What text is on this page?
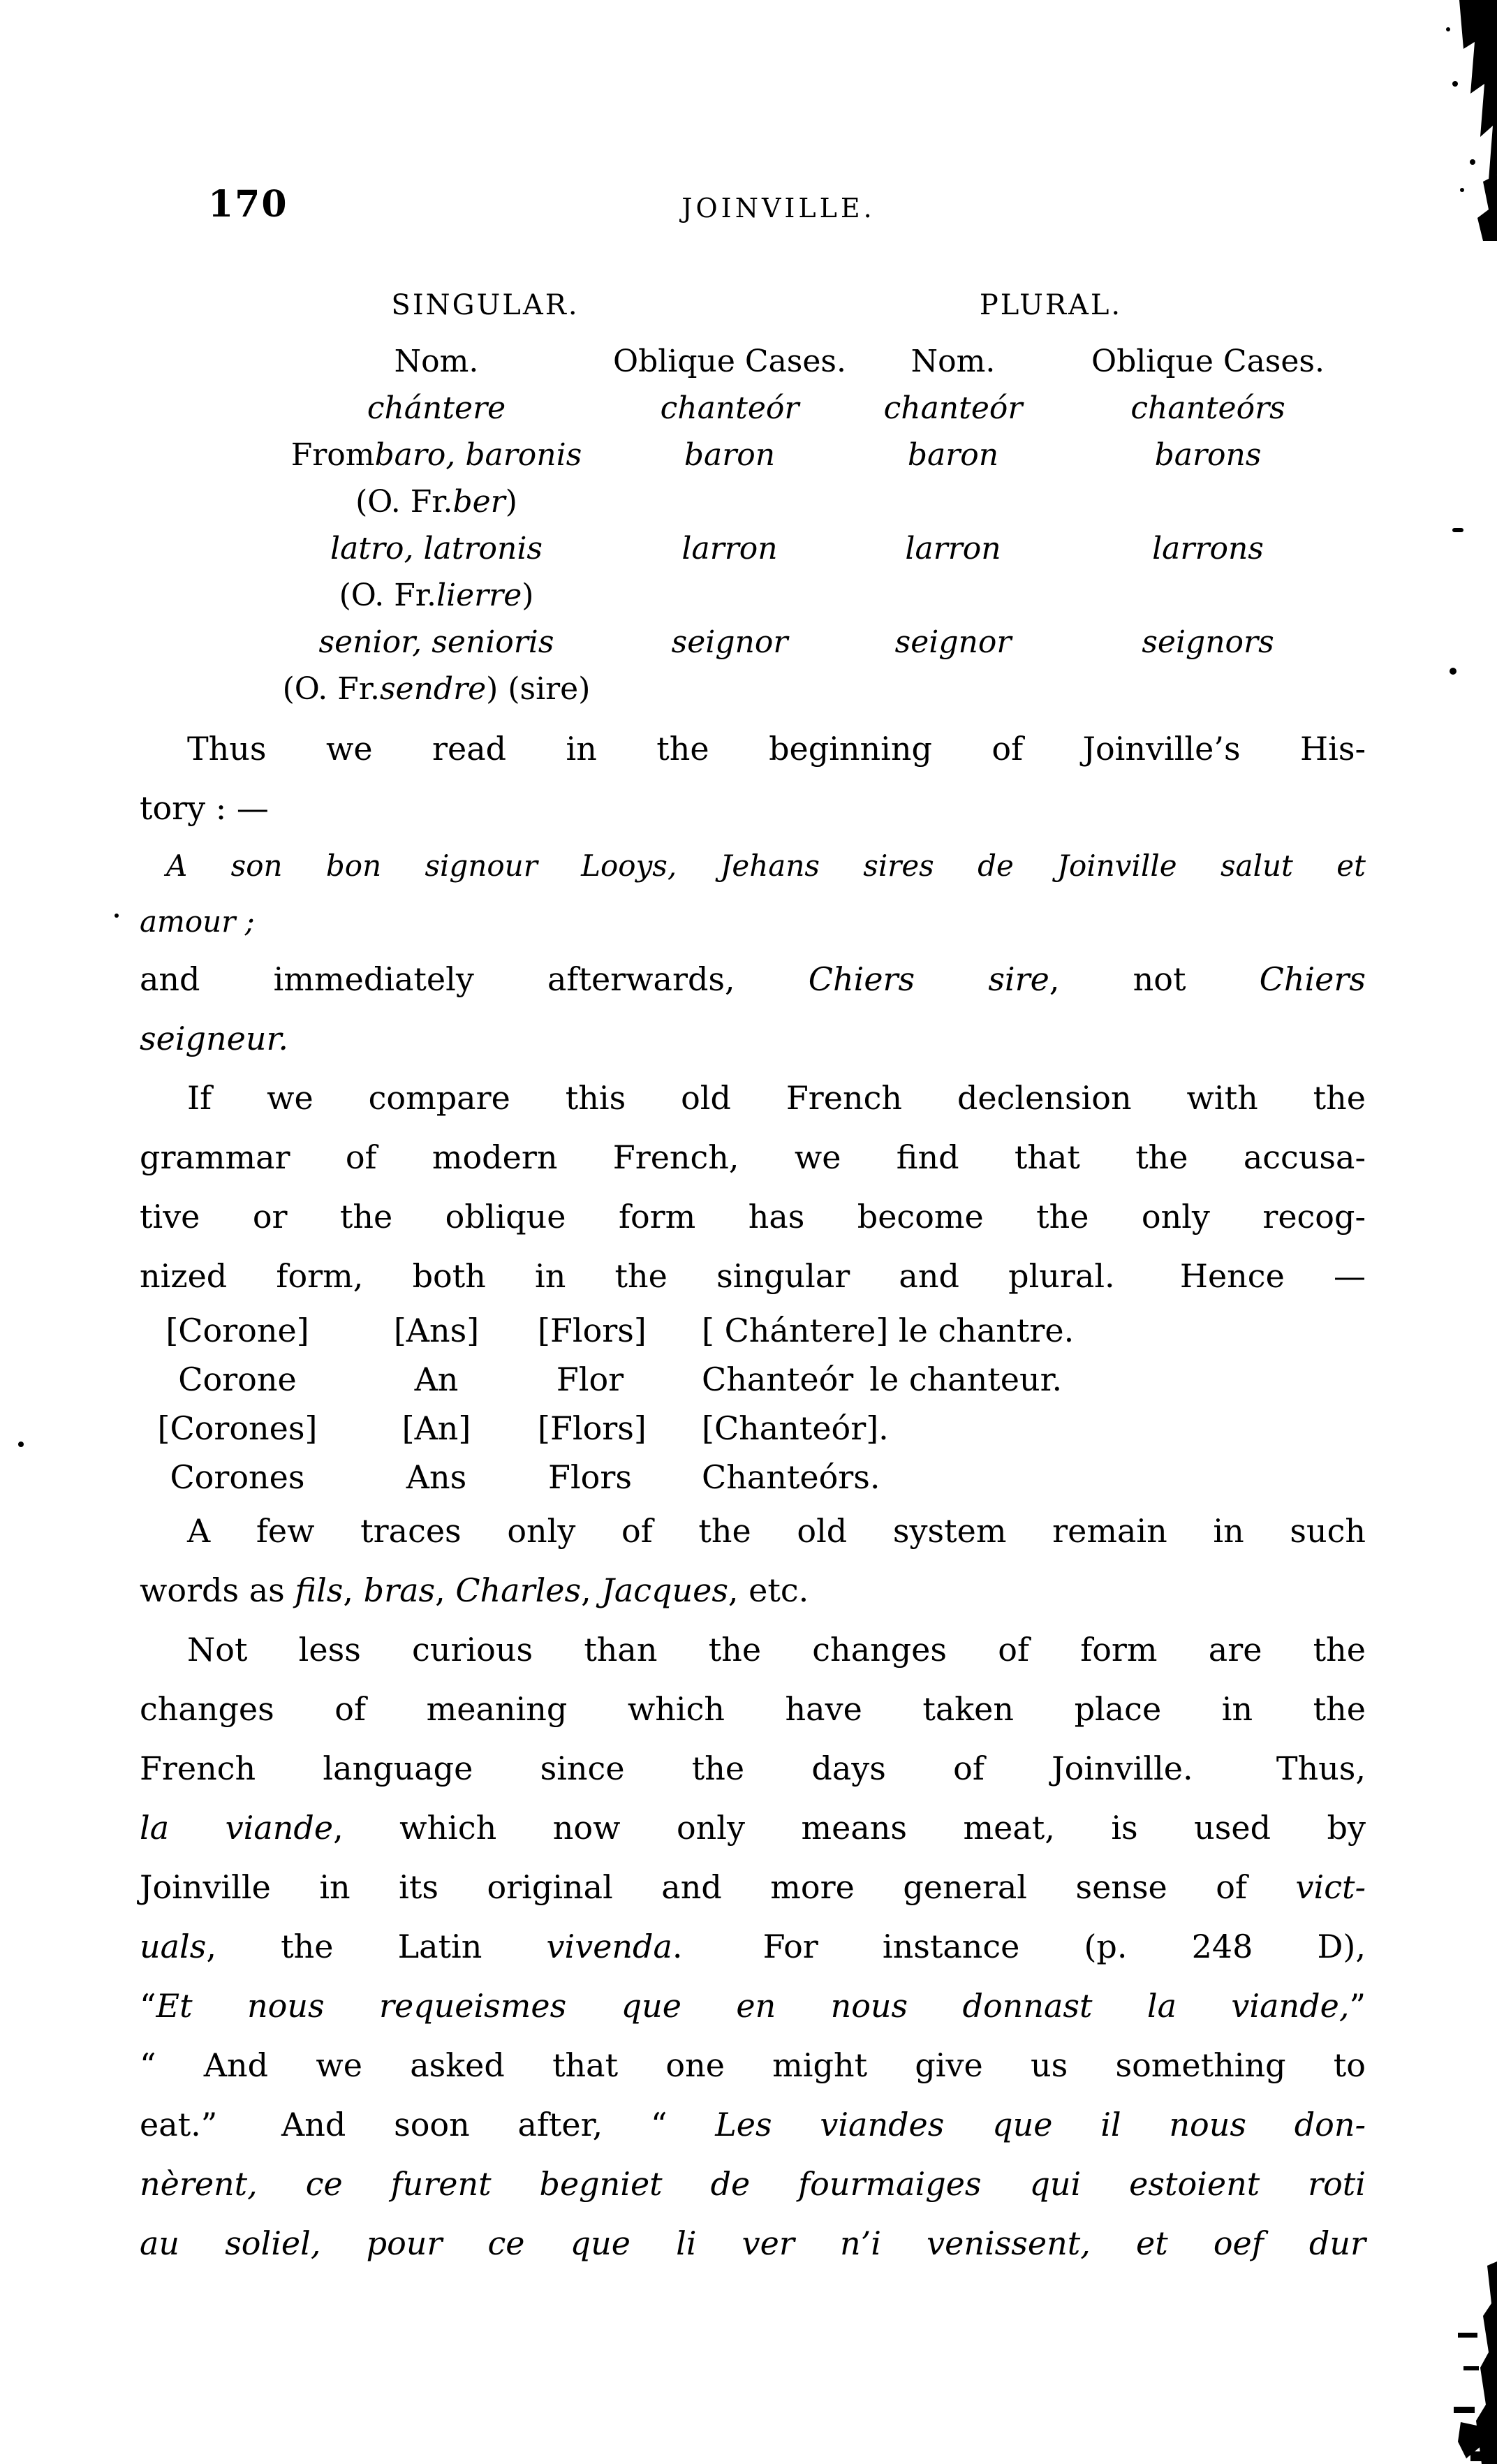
170	JOINVILLE.
SINGULAR.	PLURAL.
Nom.	Oblique Cases.	Nom.	Oblique Cases.
chántere	chanteór	chanteór	chanteórs
From baro, baronis	baron	baron	barons
(O. Fr. ber )
latro, latronis	larron	larron	larrons
(O. Fr. lierre )
senior, senioris	seignor	seignor	seignors
(O. Fr. sendre ) (sire)
Thus we read in the beginning of Joinville’s His-
tory : —
A son bon signour Looys, Jehans sires de Joinville salut et
amour ;
and immediately afterwards, Chiers sire, not Chiers
seigneur.
If we compare this old French declension with the
grammar of modern French, we find that the accusa-
tive or the oblique form has become the only recog-
nized form, both in the singular and plural.  Hence —
[Corone]	[Ans]	[Flors]	[ Chántere] le chantre.
Corone	An	Flor	Chanteór le chanteur.
[Corones]	[An]	[Flors]	[Chanteór].
Corones	Ans	Flors	Chanteórs.
A few traces only of the old system remain in such
words as fils, bras, Charles, Jacques, etc.
Not less curious than the changes of form are the
changes of meaning which have taken place in the
French language since the days of Joinville.  Thus,
la viande, which now only means meat, is used by
Joinville in its original and more general sense of vict-
uals, the Latin vivenda.  For instance (p. 248 D),
“Et nous requeismes que en nous donnast la viande,”
“ And we asked that one might give us something to
eat.”  And soon after, “ Les viandes que il nous don-
nèrent, ce furent begniet de fourmaiges qui estoient roti
au soliel, pour ce que li ver n’i venissent, et oef dur
